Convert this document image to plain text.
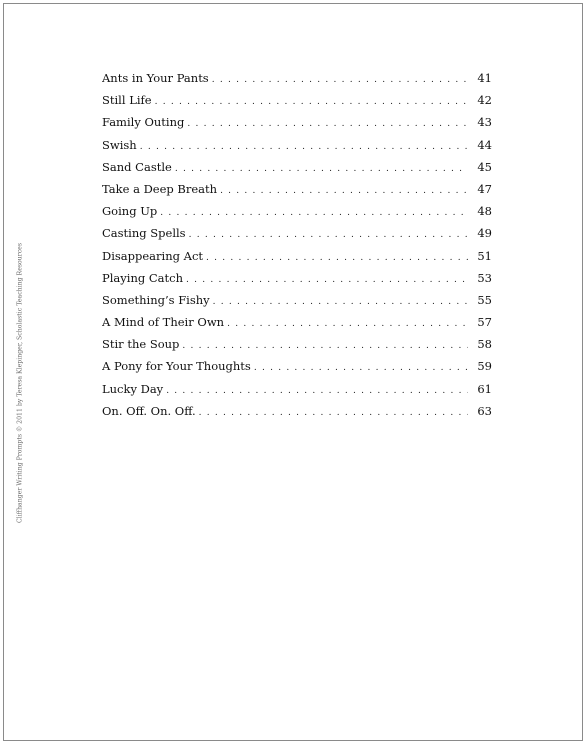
Ants in Your Pants . . .	41
Still Life . . .	42
Family Outing . . .	43
Swish . . .	44
Sand Castle . . .	45
Take a Deep Breath . . .	47
Going Up . . .	48
Casting Spells . . .	49
Disappearing Act . . .	51
Playing Catch . . .	53
Something’s Fishy . . .	55
A Mind of Their Own . . .	57
Stir the Soup . . .	58
A Pony for Your Thoughts . . .	59
Lucky Day . . .	61
On. Off. On. Off. . . .	63
Cliffhanger Writing Prompts © 2011 by Teresa Klepinger, Scholastic Teaching Resources
